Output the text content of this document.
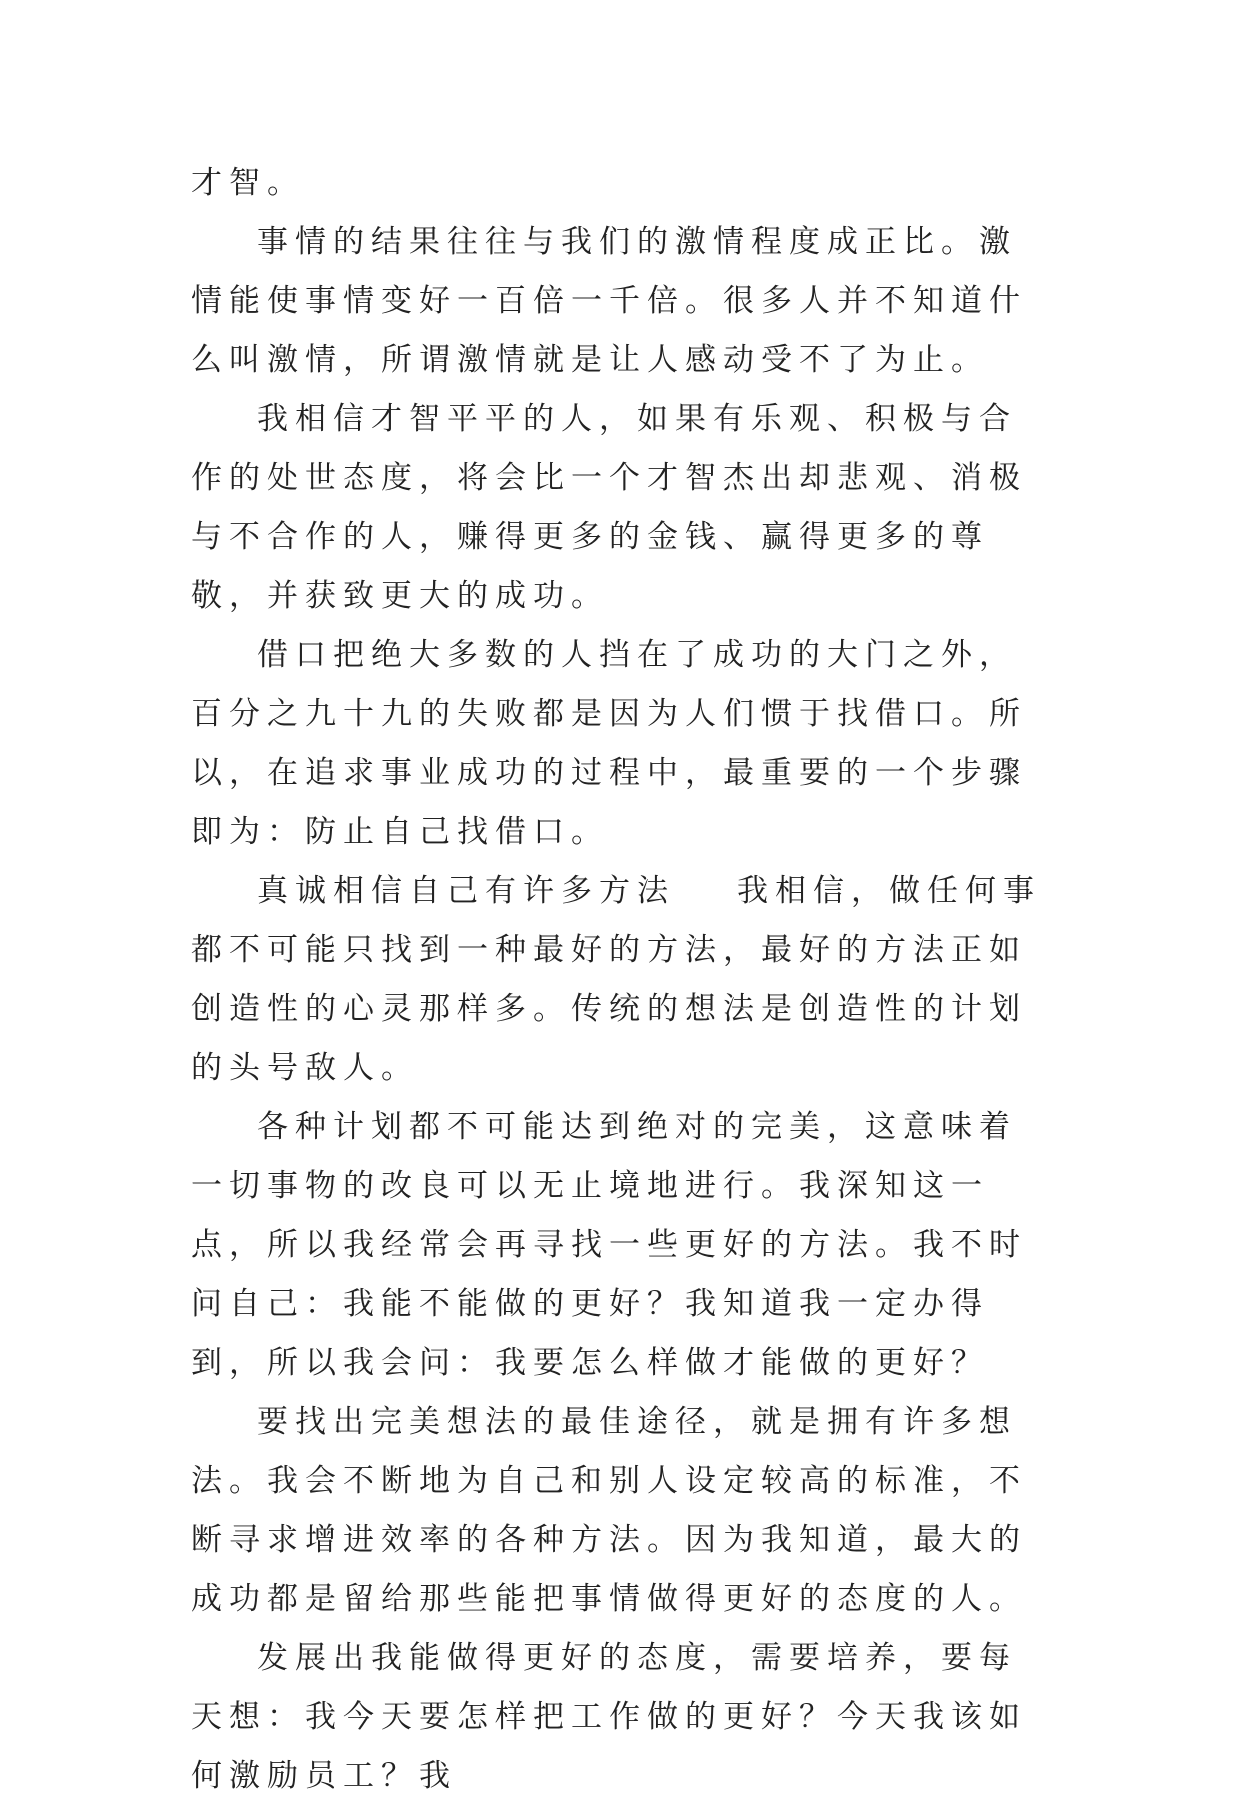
才智。

事情的结果往往与我们的激情程度成正比。激情能使事情变好一百倍一千倍。很多人并不知道什么叫激情，所谓激情就是让人感动受不了为止。

我相信才智平平的人，如果有乐观、积极与合作的处世态度，将会比一个才智杰出却悲观、消极与不合作的人，赚得更多的金钱、赢得更多的尊敬，并获致更大的成功。

借口把绝大多数的人挡在了成功的大门之外，百分之九十九的失败都是因为人们惯于找借口。所以，在追求事业成功的过程中，最重要的一个步骤即为：防止自己找借口。

真诚相信自己有许多方法 我相信，做任何事都不可能只找到一种最好的方法，最好的方法正如创造性的心灵那样多。传统的想法是创造性的计划的头号敌人。

各种计划都不可能达到绝对的完美，这意味着一切事物的改良可以无止境地进行。我深知这一点，所以我经常会再寻找一些更好的方法。我不时问自己：我能不能做的更好？我知道我一定办得到，所以我会问：我要怎么样做才能做的更好？

要找出完美想法的最佳途径，就是拥有许多想法。我会不断地为自己和别人设定较高的标准，不断寻求增进效率的各种方法。因为我知道，最大的成功都是留给那些能把事情做得更好的态度的人。

发展出我能做得更好的态度，需要培养，要每天想：我今天要怎样把工作做的更好？今天我该如何激励员工？我
